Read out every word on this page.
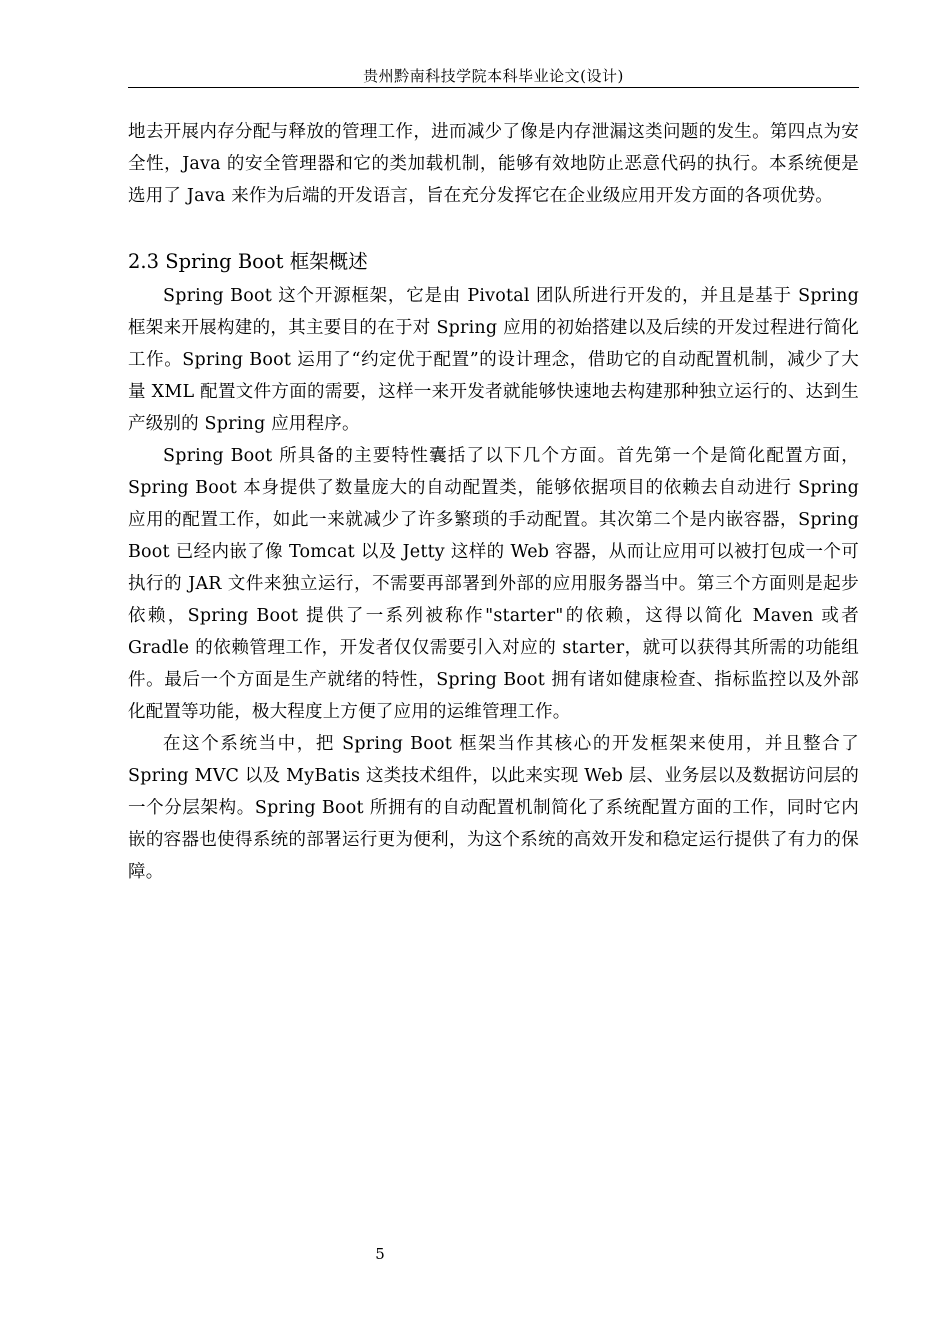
贵州黔南科技学院本科毕业论文(设计)

地去开展内存分配与释放的管理工作，进而减少了像是内存泄漏这类问题的发生。第四点为安全性，Java 的安全管理器和它的类加载机制，能够有效地防止恶意代码的执行。本系统便是选用了 Java 来作为后端的开发语言，旨在充分发挥它在企业级应用开发方面的各项优势。

2.3 Spring Boot 框架概述

Spring Boot 这个开源框架，它是由 Pivotal 团队所进行开发的，并且是基于 Spring 框架来开展构建的，其主要目的在于对 Spring 应用的初始搭建以及后续的开发过程进行简化工作。Spring Boot 运用了“约定优于配置”的设计理念，借助它的自动配置机制，减少了大量 XML 配置文件方面的需要，这样一来开发者就能够快速地去构建那种独立运行的、达到生产级别的 Spring 应用程序。

Spring Boot 所具备的主要特性囊括了以下几个方面。首先第一个是简化配置方面，Spring Boot 本身提供了数量庞大的自动配置类，能够依据项目的依赖去自动进行 Spring 应用的配置工作，如此一来就减少了许多繁琐的手动配置。其次第二个是内嵌容器，Spring Boot 已经内嵌了像 Tomcat 以及 Jetty 这样的 Web 容器，从而让应用可以被打包成一个可执行的 JAR 文件来独立运行，不需要再部署到外部的应用服务器当中。第三个方面则是起步依赖，Spring Boot 提供了一系列被称作"starter"的依赖，这得以简化 Maven 或者 Gradle 的依赖管理工作，开发者仅仅需要引入对应的 starter，就可以获得其所需的功能组件。最后一个方面是生产就绪的特性，Spring Boot 拥有诸如健康检查、指标监控以及外部化配置等功能，极大程度上方便了应用的运维管理工作。

在这个系统当中，把 Spring Boot 框架当作其核心的开发框架来使用，并且整合了 Spring MVC 以及 MyBatis 这类技术组件，以此来实现 Web 层、业务层以及数据访问层的一个分层架构。Spring Boot 所拥有的自动配置机制简化了系统配置方面的工作，同时它内嵌的容器也使得系统的部署运行更为便利，为这个系统的高效开发和稳定运行提供了有力的保障。

5
